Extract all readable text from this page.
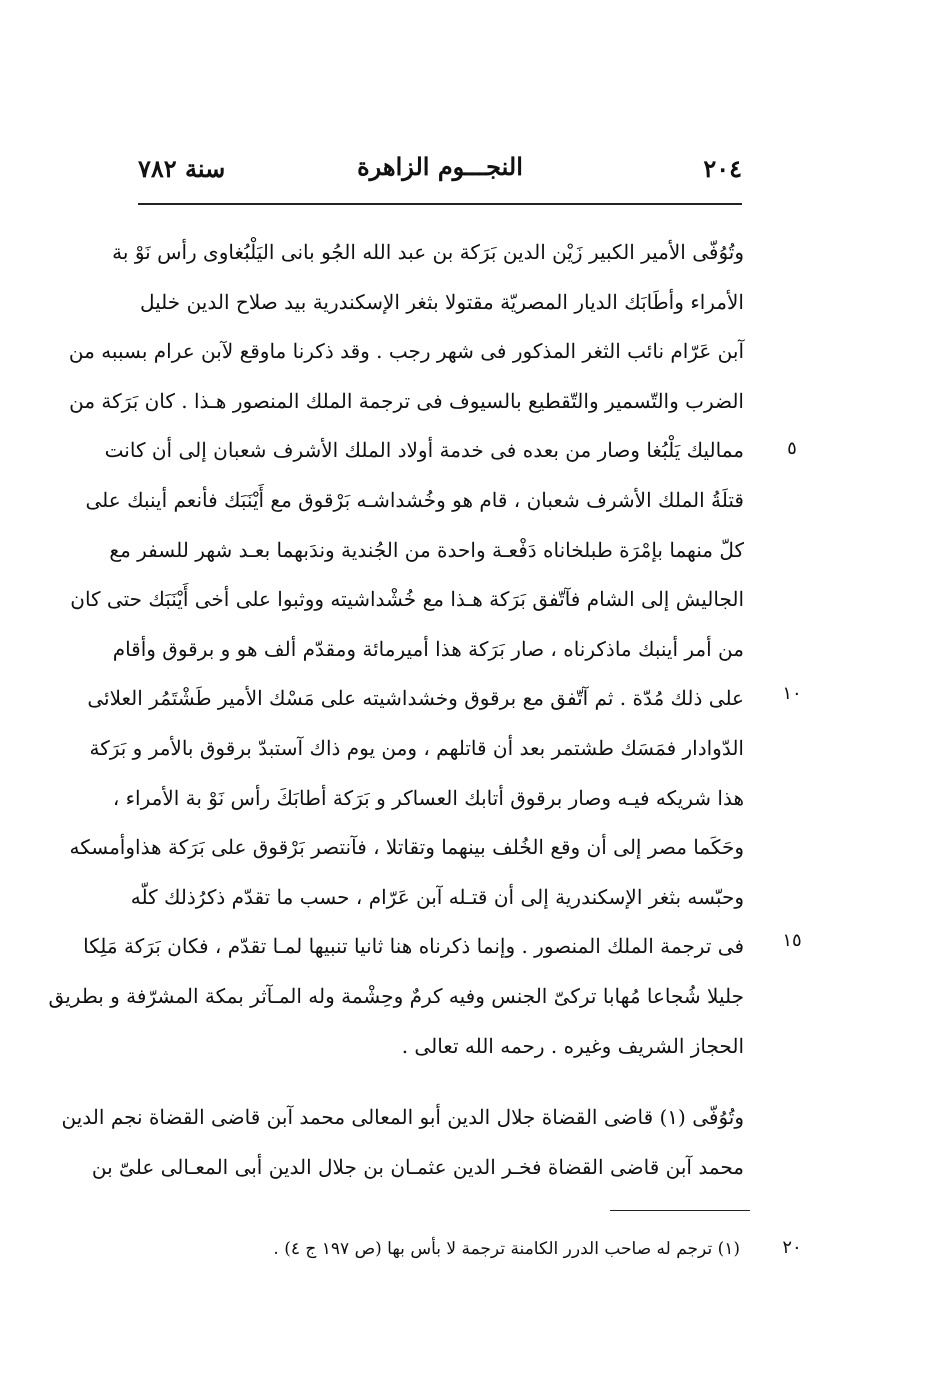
٢٠٤
النجـــوم الزاهرة
سنة ٧٨٢
وتُوُفّى الأمير الكبير زَيْن الدين بَرَكة بن عبد الله الجُو بانى اليَلْبُغاوى رأس نَوْ بة
الأمراء وأطَابَك الديار المصريّة مقتولا بثغر الإسكندرية بيد صلاح الدين خليل
آبن عَرّام نائب الثغر المذكور فى شهر رجب . وقد ذكرنا ماوقع لآبن عرام بسببه من
الضرب والتّسمير والتّقطيع بالسيوف فى ترجمة الملك المنصور هـذا . كان بَرَكة من
مماليك يَلْبُغا وصار من بعده فى خدمة أولاد الملك الأشرف شعبان إلى أن كانت
قتلَةُ الملك الأشرف شعبان ، قام هو وخُشداشـه بَرْقوق مع أَيْنَبَك فأنعم أينبك على
كلّ منهما بإمْرَة طبلخاناه دَفْعـة واحدة من الجُندية وندَبهما بعـد شهر للسفر مع
الجاليش إلى الشام فآتّفق بَرَكة هـذا مع خُشْداشيته ووثبوا على أخى أَيْنَبَك حتى كان
من أمر أينبك ماذكرناه ، صار بَرَكة هذا أميرمائة ومقدّم ألف هو و برقوق وأقام
على ذلك مُدّة . ثم آتّفق مع برقوق وخشداشيته على مَسْك الأمير طَشْتَمُر العلائى
الدّوادار فمَسَك طشتمر بعد أن قاتلهم ، ومن يوم ذاك آستبدّ برقوق بالأمر و بَرَكة
هذا شريكه فيـه وصار برقوق أتابك العساكر و بَرَكة أطابَكَ رأس نَوْ بة الأمراء ،
وحَكَما مصر إلى أن وقع الخُلف بينهما وتقاتلا ، فآنتصر بَرْقوق على بَرَكة هذاوأمسكه
وحبّسه بثغر الإسكندرية إلى أن قتـله آبن عَرّام ، حسب ما تقدّم ذكرُذلك كلّه
فى ترجمة الملك المنصور . وإنما ذكرناه هنا ثانيا تنبيها لمـا تقدّم ، فكان بَرَكة مَلِكا
جليلا شُجاعا مُهابا تركىّ الجنس وفيه كرمٌ وحِشْمة وله المـآثر بمكة المشرّفة و بطريق
الحجاز الشريف وغيره . رحمه الله تعالى .
وتُوُفّى (١) قاضى القضاة جلال الدين أبو المعالى محمد آبن قاضى القضاة نجم الدين
محمد آبن قاضى القضاة فخـر الدين عثمـان بن جلال الدين أبى المعـالى علىّ بن
٥
١٠
١٥
٢٠
(١) ترجم له صاحب الدرر الكامنة ترجمة لا بأس بها (ص ١٩٧ ج ٤) .
